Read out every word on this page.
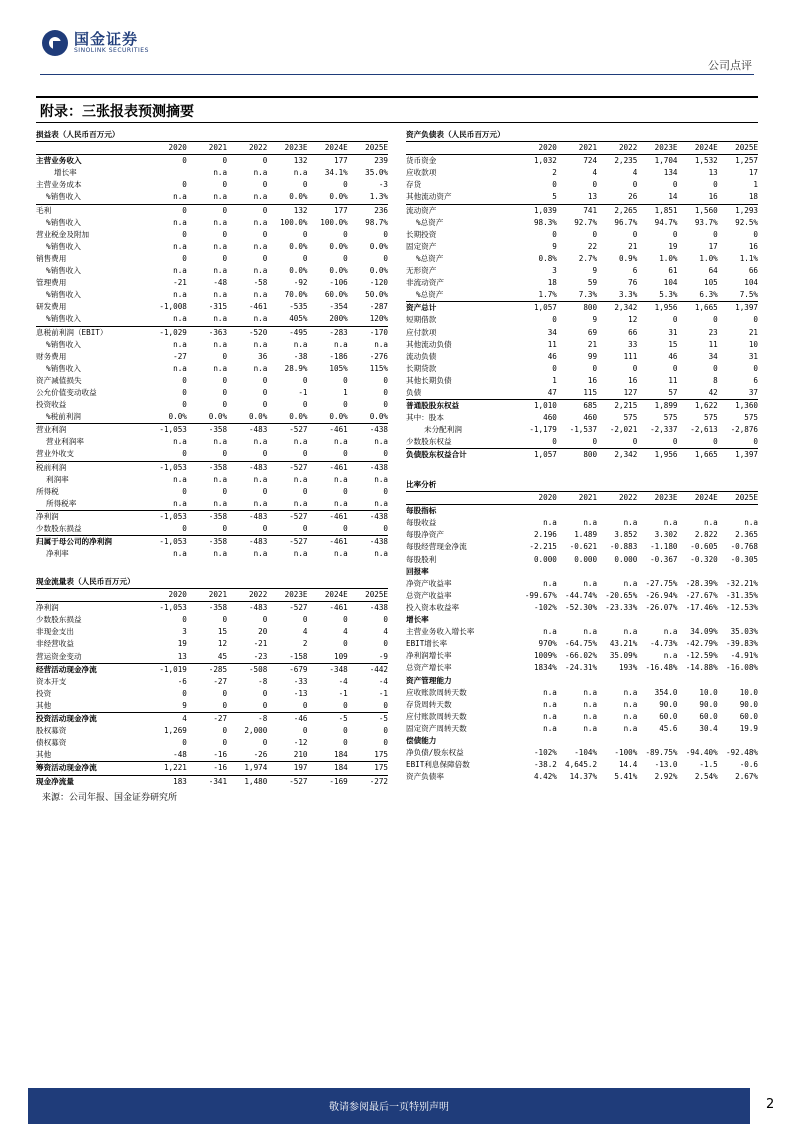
国金证券
SINOLINK SECURITIES
公司点评
附录：三张报表预测摘要
损益表（人民币百万元）						
	2020	2021	2022	2023E	2024E	2025E
主营业务收入	0	0	0	132	177	239
增长率		n.a	n.a	n.a	34.1%	35.0%
主营业务成本	0	0	0	0	0	-3
%销售收入	n.a	n.a	n.a	0.0%	0.0%	1.3%
毛利	0	0	0	132	177	236
%销售收入	n.a	n.a	n.a	100.0%	100.0%	98.7%
营业税金及附加	0	0	0	0	0	0
%销售收入	n.a	n.a	n.a	0.0%	0.0%	0.0%
销售费用	0	0	0	0	0	0
%销售收入	n.a	n.a	n.a	0.0%	0.0%	0.0%
管理费用	-21	-48	-58	-92	-106	-120
%销售收入	n.a	n.a	n.a	70.0%	60.0%	50.0%
研发费用	-1,008	-315	-461	-535	-354	-287
%销售收入	n.a	n.a	n.a	405%	200%	120%
息税前利润（EBIT）	-1,029	-363	-520	-495	-283	-170
%销售收入	n.a	n.a	n.a	n.a	n.a	n.a
财务费用	-27	0	36	-38	-186	-276
%销售收入	n.a	n.a	n.a	28.9%	105%	115%
资产减值损失	0	0	0	0	0	0
公允价值变动收益	0	0	0	-1	1	0
投资收益	0	0	0	0	0	0
%税前利润	0.0%	0.0%	0.0%	0.0%	0.0%	0.0%
营业利润	-1,053	-358	-483	-527	-461	-438
营业利润率	n.a	n.a	n.a	n.a	n.a	n.a
营业外收支	0	0	0	0	0	0
税前利润	-1,053	-358	-483	-527	-461	-438
利润率	n.a	n.a	n.a	n.a	n.a	n.a
所得税	0	0	0	0	0	0
所得税率	n.a	n.a	n.a	n.a	n.a	n.a
净利润	-1,053	-358	-483	-527	-461	-438
少数股东损益	0	0	0	0	0	0
归属于母公司的净利润	-1,053	-358	-483	-527	-461	-438
净利率	n.a	n.a	n.a	n.a	n.a	n.a
现金流量表（人民币百万元）						
	2020	2021	2022	2023E	2024E	2025E
净利润	-1,053	-358	-483	-527	-461	-438
少数股东损益	0	0	0	0	0	0
非现金支出	3	15	20	4	4	4
非经营收益	19	12	-21	2	0	0
营运资金变动	13	45	-23	-158	109	-9
经营活动现金净流	-1,019	-285	-508	-679	-348	-442
资本开支	-6	-27	-8	-33	-4	-4
投资	0	0	0	-13	-1	-1
其他	9	0	0	0	0	0
投资活动现金净流	4	-27	-8	-46	-5	-5
股权募资	1,269	0	2,000	0	0	0
债权募资	0	0	0	-12	0	0
其他	-48	-16	-26	210	184	175
筹资活动现金净流	1,221	-16	1,974	197	184	175
现金净流量	183	-341	1,480	-527	-169	-272
资产负债表（人民币百万元）						
	2020	2021	2022	2023E	2024E	2025E
货币资金	1,032	724	2,235	1,704	1,532	1,257
应收款项	2	4	4	134	13	17
存货	0	0	0	0	0	1
其他流动资产	5	13	26	14	16	18
流动资产	1,039	741	2,265	1,851	1,560	1,293
%总资产	98.3%	92.7%	96.7%	94.7%	93.7%	92.5%
长期投资	0	0	0	0	0	0
固定资产	9	22	21	19	17	16
%总资产	0.8%	2.7%	0.9%	1.0%	1.0%	1.1%
无形资产	3	9	6	61	64	66
非流动资产	18	59	76	104	105	104
%总资产	1.7%	7.3%	3.3%	5.3%	6.3%	7.5%
资产总计	1,057	800	2,342	1,956	1,665	1,397
短期借款	0	9	12	0	0	0
应付款项	34	69	66	31	23	21
其他流动负债	11	21	33	15	11	10
流动负债	46	99	111	46	34	31
长期贷款	0	0	0	0	0	0
其他长期负债	1	16	16	11	8	6
负债	47	115	127	57	42	37
普通股股东权益	1,010	685	2,215	1,899	1,622	1,360
其中：股本	460	460	575	575	575	575
未分配利润	-1,179	-1,537	-2,021	-2,337	-2,613	-2,876
少数股东权益	0	0	0	0	0	0
负债股东权益合计	1,057	800	2,342	1,956	1,665	1,397
比率分析						
	2020	2021	2022	2023E	2024E	2025E
每股指标						
每股收益	n.a	n.a	n.a	n.a	n.a	n.a
每股净资产	2.196	1.489	3.852	3.302	2.822	2.365
每股经营现金净流	-2.215	-0.621	-0.883	-1.180	-0.605	-0.768
每股股利	0.000	0.000	0.000	-0.367	-0.320	-0.305
回报率						
净资产收益率	n.a	n.a	n.a	-27.75%	-28.39%	-32.21%
总资产收益率	-99.67%	-44.74%	-20.65%	-26.94%	-27.67%	-31.35%
投入资本收益率	-102%	-52.30%	-23.33%	-26.07%	-17.46%	-12.53%
增长率						
主营业务收入增长率	n.a	n.a	n.a	n.a	34.09%	35.03%
EBIT增长率	970%	-64.75%	43.21%	-4.73%	-42.79%	-39.83%
净利润增长率	1009%	-66.02%	35.09%	n.a	-12.59%	-4.91%
总资产增长率	1834%	-24.31%	193%	-16.48%	-14.88%	-16.08%
资产管理能力						
应收账款周转天数	n.a	n.a	n.a	354.0	10.0	10.0
存货周转天数	n.a	n.a	n.a	90.0	90.0	90.0
应付账款周转天数	n.a	n.a	n.a	60.0	60.0	60.0
固定资产周转天数	n.a	n.a	n.a	45.6	30.4	19.9
偿债能力						
净负债/股东权益	-102%	-104%	-100%	-89.75%	-94.40%	-92.48%
EBIT利息保障倍数	-38.2	4,645.2	14.4	-13.0	-1.5	-0.6
资产负债率	4.42%	14.37%	5.41%	2.92%	2.54%	2.67%
来源：公司年报、国金证券研究所
敬请参阅最后一页特别声明	2
